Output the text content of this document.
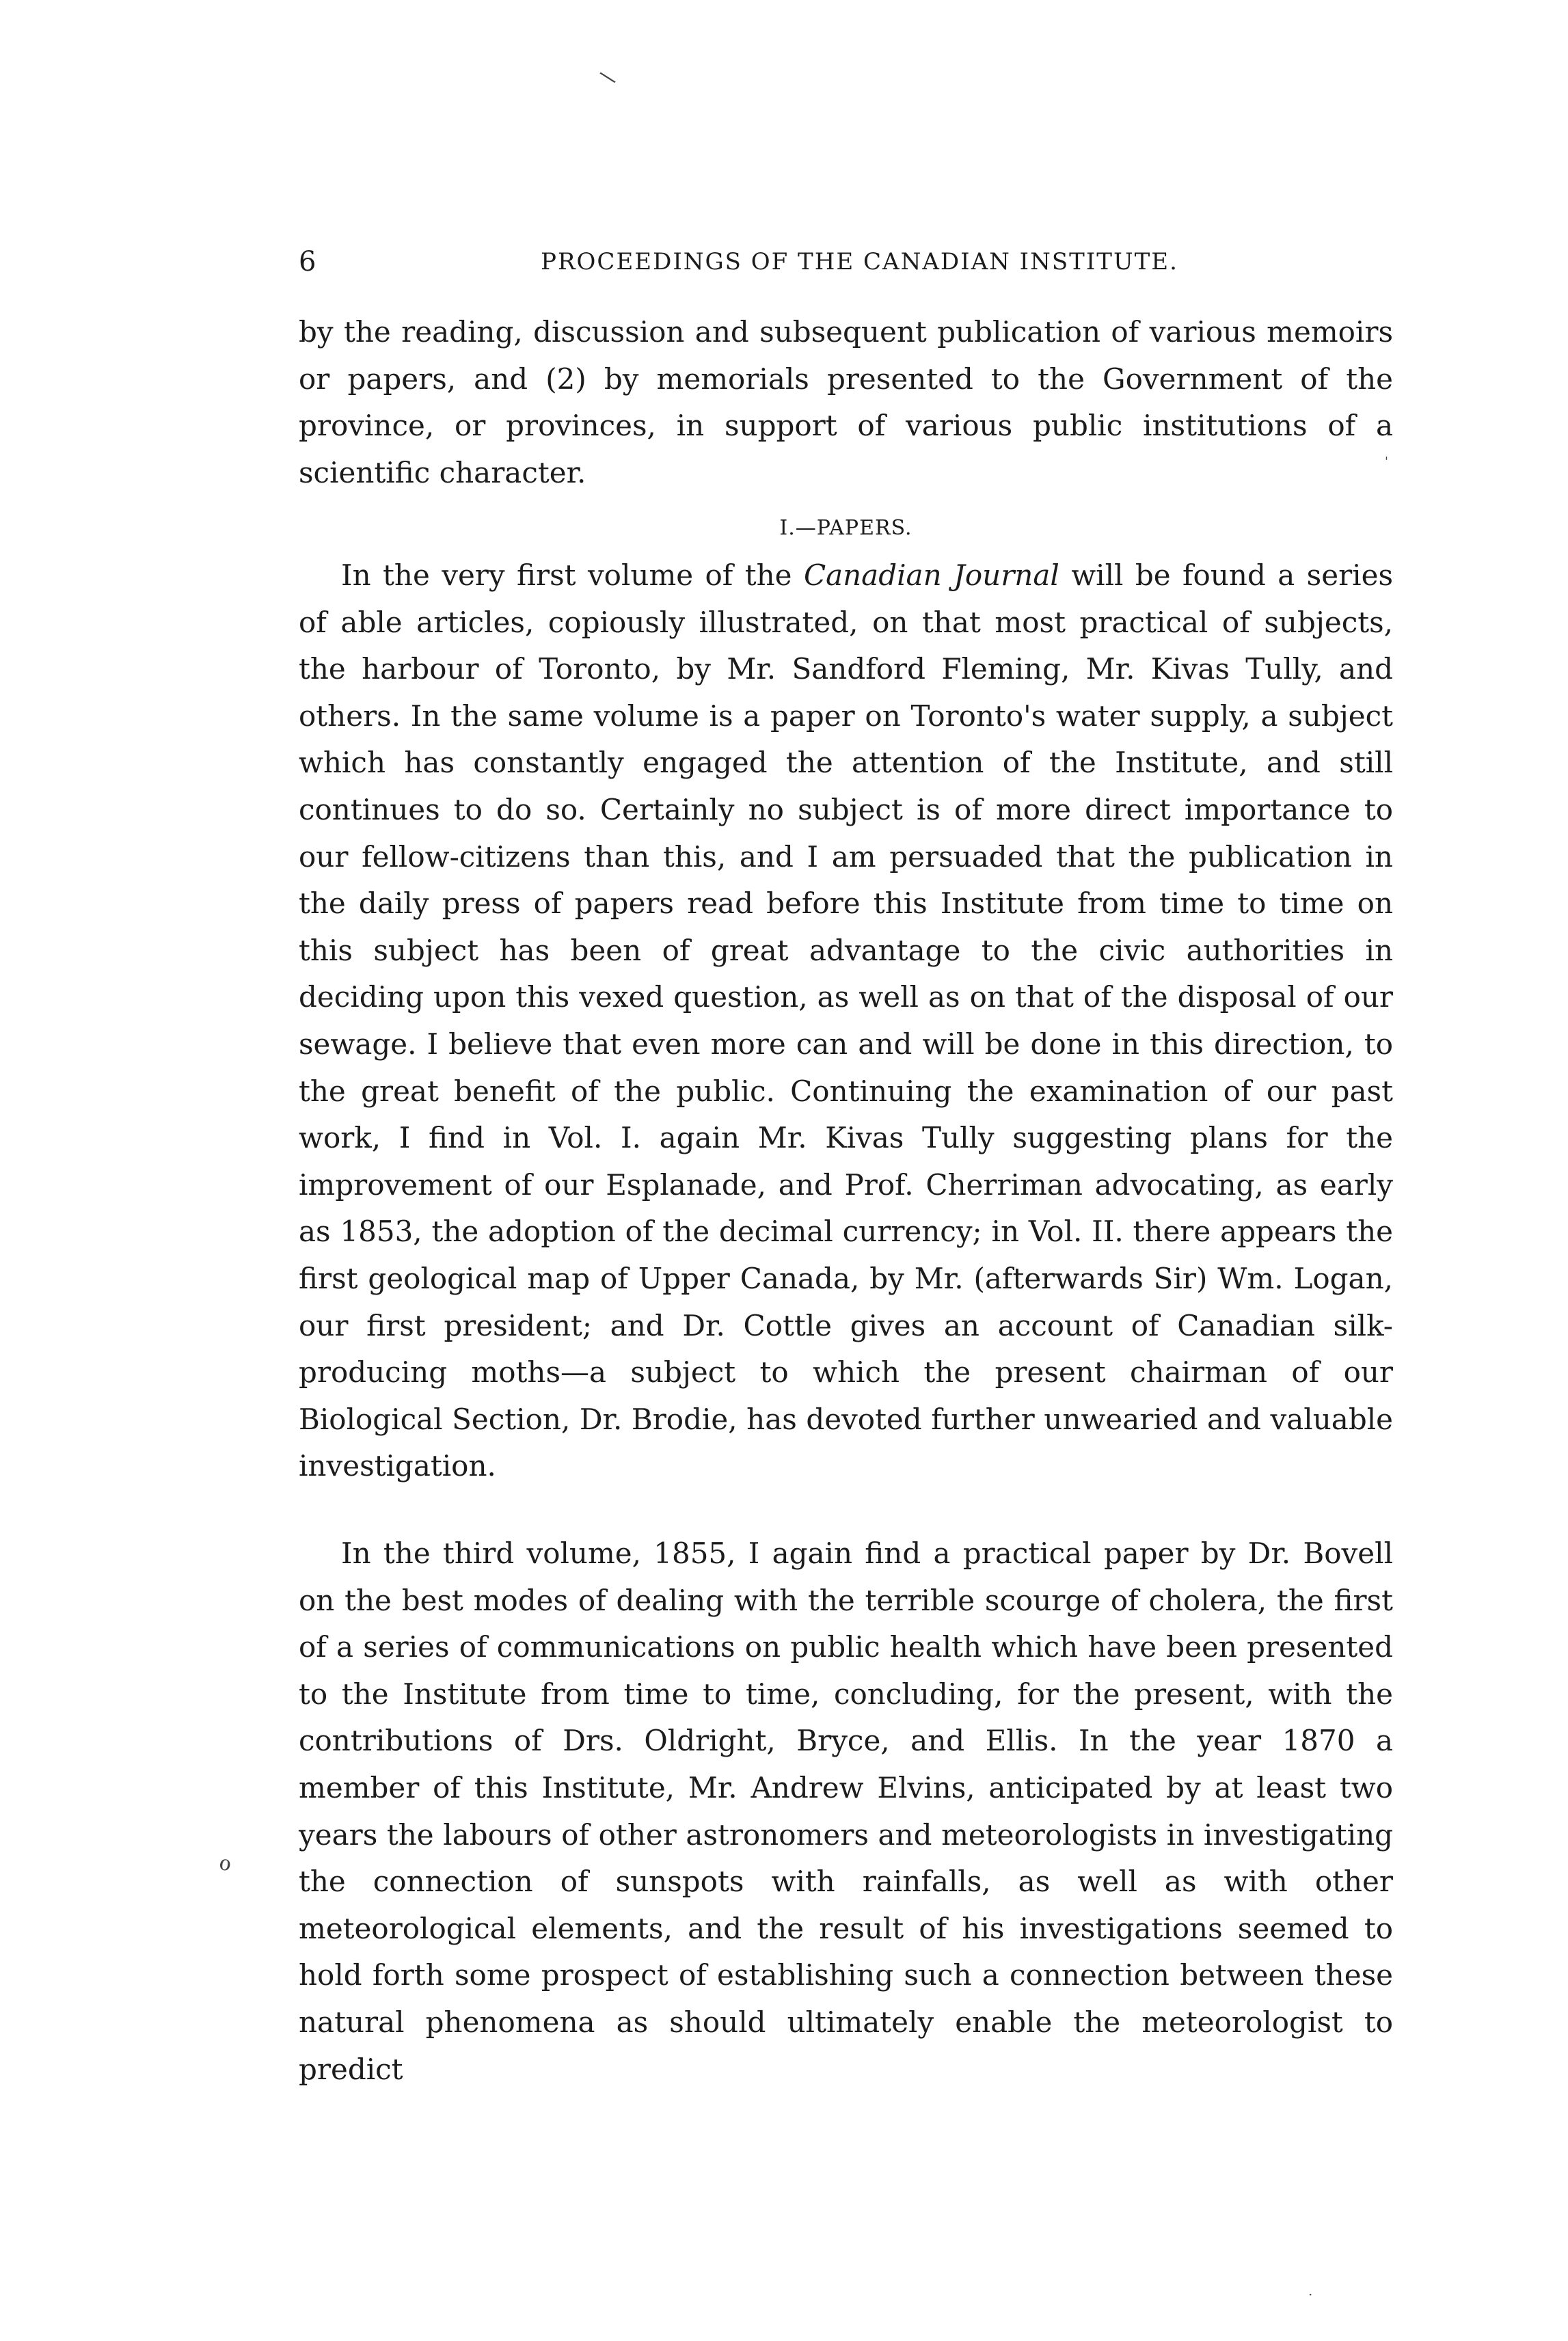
\
6	PROCEEDINGS OF THE CANADIAN INSTITUTE.

by the reading, discussion and subsequent publication of various memoirs or papers, and (2) by memorials presented to the Government of the province, or provinces, in support of various public institutions of a scientific character.	'
I.—PAPERS.

In the very first volume of the Canadian Journal will be found a series of able articles, copiously illustrated, on that most practical of subjects, the harbour of Toronto, by Mr. Sandford Fleming, Mr. Kivas Tully, and others. In the same volume is a paper on Toronto's water supply, a subject which has constantly engaged the attention of the Institute, and still continues to do so. Certainly no subject is of more direct importance to our fellow-citizens than this, and I am persuaded that the publication in the daily press of papers read before this Institute from time to time on this subject has been of great advantage to the civic authorities in deciding upon this vexed question, as well as on that of the disposal of our sewage. I believe that even more can and will be done in this direction, to the great benefit of the public. Continuing the examination of our past work, I find in Vol. I. again Mr. Kivas Tully suggesting plans for the improvement of our Esplanade, and Prof. Cherriman advocating, as early as 1853, the adoption of the decimal currency; in Vol. II. there appears the first geological map of Upper Canada, by Mr. (afterwards Sir) Wm. Logan, our first president; and Dr. Cottle gives an account of Canadian silk-producing moths—a subject to which the present chairman of our Biological Section, Dr. Brodie, has devoted further unwearied and valuable investigation.

In the third volume, 1855, I again find a practical paper by Dr. Bovell on the best modes of dealing with the terrible scourge of cholera, the first of a series of communications on public health which have been presented to the Institute from time to time, concluding, for the present, with the contributions of Drs. Oldright, Bryce, and Ellis. In the year 1870 a member of this Institute, Mr. Andrew Elvins, anticipated by at least two years the labours of other astronomers and meteorologists in investigating the connection of sunspots with rainfalls, as well as with other meteorological elements, and the result of his investigations seemed to hold forth some prospect of establishing such a connection between these natural phenomena as should ultimately enable the meteorologist to predict

ℴ
·
